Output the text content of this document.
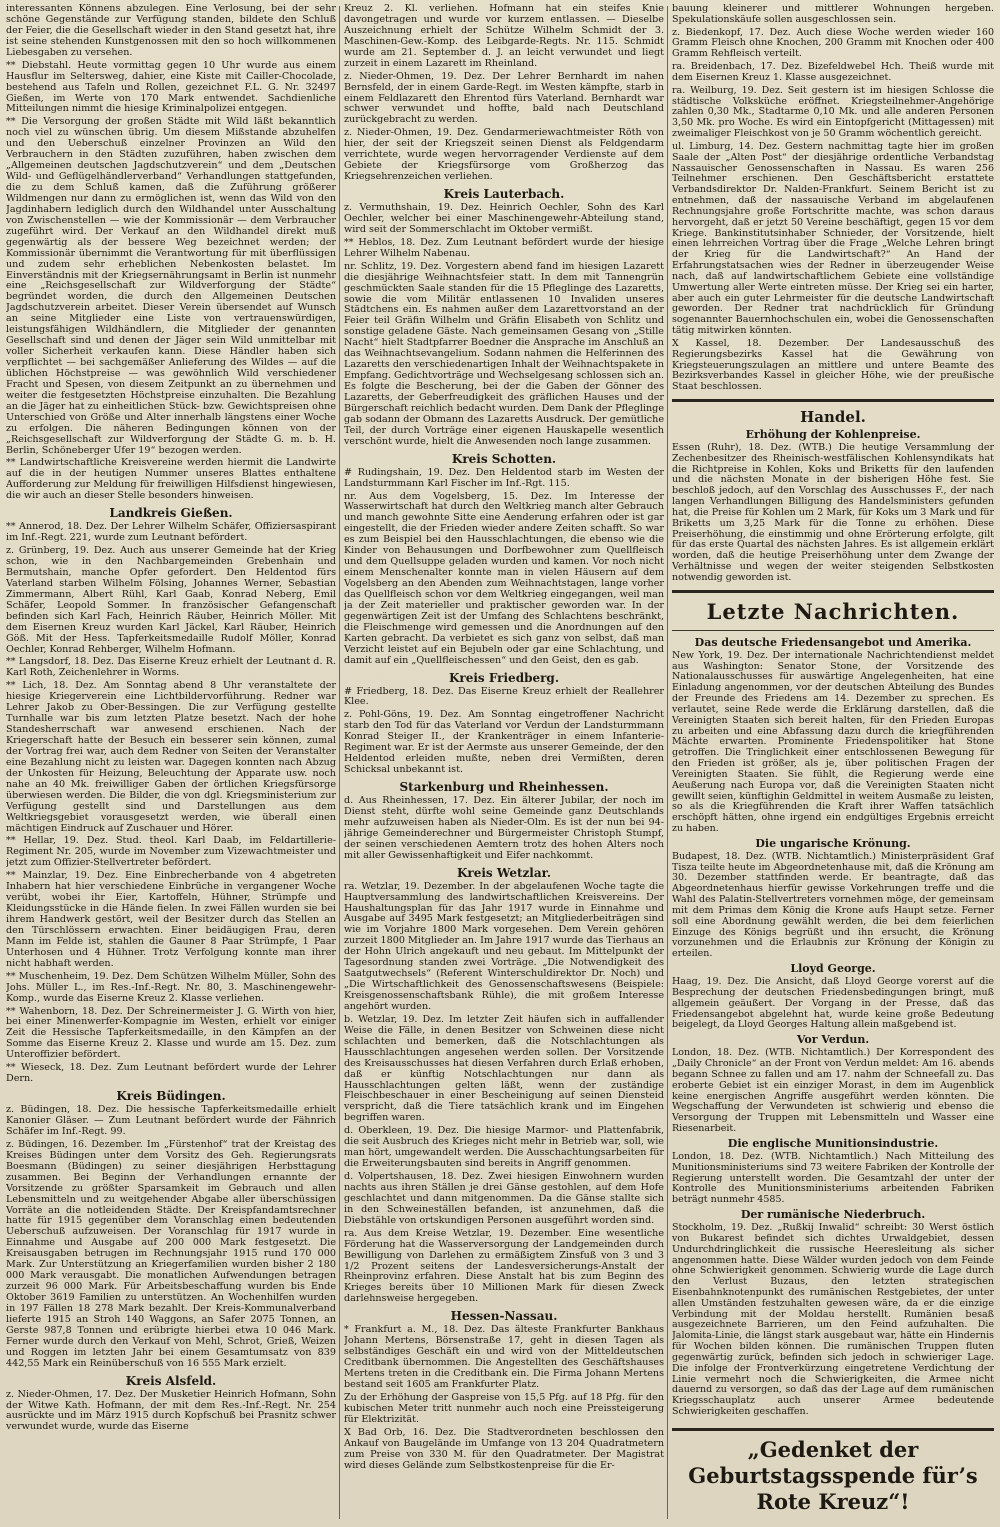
interessanten Könnens abzulegen. Eine Verlosung, bei der sehr schöne Gegenstände zur Verfügung standen, bildete den Schluß der Feier, die die Gesellschaft wieder in den Stand gesetzt hat, ihre ist seine stehenden Kunstgenossen mit den so hoch willkommenen Liebesgaben zu versehen.

** Diebstahl. Heute vormittag gegen 10 Uhr wurde aus einem Hausflur im Seltersweg, dahier, eine Kiste mit Cailler-Chocolade, bestehend aus Tafeln und Rollen, gezeichnet F.L. G. Nr. 32497 Gießen, im Werte von 170 Mark entwendet. Sachdienliche Mitteilungen nimmt die hiesige Kriminalpolizei entgegen.

** Die Versorgung der großen Städte mit Wild läßt bekanntlich noch viel zu wünschen übrig. Um diesem Mißstande abzuhelfen und den Ueberschuß einzelner Provinzen an Wild den Verbrauchern in den Städten zuzuführen, haben zwischen dem „Allgemeinen deutschen Jagdschutzverein“ und dem „Deutschen Wild- und Geflügelhändlerverband“ Verhandlungen stattgefunden, die zu dem Schluß kamen, daß die Zuführung größerer Wildmengen nur dann zu ermöglichen ist, wenn das Wild von den Jagdinhabern lediglich durch den Wildhandel unter Ausschaltung von Zwischenstellen — wie der Kommissionär — dem Verbraucher zugeführt wird. Der Verkauf an den Wildhandel direkt muß gegenwärtig als der bessere Weg bezeichnet werden; der Kommissionär übernimmt die Verantwortung für mit überflüssigen und zudem sehr erheblichen Nebenkosten belastet. Im Einverständnis mit der Kriegsernährungsamt in Berlin ist nunmehr eine „Reichsgesellschaft zur Wildverforgung der Städte“ begründet worden, die durch den Allgemeinen Deutschen Jagdschutzverein arbeitet. Dieser Verein übersendet auf Wunsch an seine Mitglieder eine Liste von vertrauenswürdigen, leistungsfähigen Wildhändlern, die Mitglieder der genannten Gesellschaft sind und denen der Jäger sein Wild unmittelbar mit voller Sicherheit verkaufen kann. Diese Händler haben sich verpflichtet — bei sachgemäßer Anlieferung des Wildes — auf die üblichen Höchstpreise — was gewöhnlich Wild verschiedener Fracht und Spesen, von diesem Zeitpunkt an zu übernehmen und weiter die festgesetzten Höchstpreise einzuhalten. Die Bezahlung an die Jäger hat zu einheitlichen Stück- bzw. Gewichtspreisen ohne Unterschied von Größe und Alter innerhalb längstens einer Woche zu erfolgen. Die näheren Bedingungen können von der „Reichsgesellschaft zur Wildverforgung der Städte G. m. b. H. Berlin, Schöneberger Ufer 19“ bezogen werden.

** Landwirtschaftliche Kreisvereine werden hiermit die Landwirte auf die in der heutigen Nummer unseres Blattes enthaltene Aufforderung zur Meldung für freiwilligen Hilfsdienst hingewiesen, die wir auch an dieser Stelle besonders hinweisen.

Landkreis Gießen.

** Annerod, 18. Dez. Der Lehrer Wilhelm Schäfer, Offiziersaspirant im Inf.-Regt. 221, wurde zum Leutnant befördert.

z. Grünberg, 19. Dez. Auch aus unserer Gemeinde hat der Krieg schon, wie in den Nachbargemeinden Grebenhain und Bermutshain, manche Opfer gefordert. Den Heldentod fürs Vaterland starben Wilhelm Fölsing, Johannes Werner, Sebastian Zimmermann, Albert Rühl, Karl Gaab, Konrad Neberg, Emil Schäfer, Leopold Sommer. In französischer Gefangenschaft befinden sich Karl Fach, Heinrich Räuber, Heinrich Möller. Mit dem Eisernen Kreuz wurden Karl Jäckel, Karl Räuber, Heinrich Göß. Mit der Hess. Tapferkeitsmedaille Rudolf Möller, Konrad Oechler, Konrad Rehberger, Wilhelm Hofmann.

** Langsdorf, 18. Dez. Das Eiserne Kreuz erhielt der Leutnant d. R. Karl Roth, Zeichenlehrer in Worms.

** Lich, 18. Dez. Am Sonntag abend 8 Uhr veranstaltete der hiesige Kriegerverein eine Lichtbildervorführung. Redner war Lehrer Jakob zu Ober-Bessingen. Die zur Verfügung gestellte Turnhalle war bis zum letzten Platze besetzt. Nach der hohe Standesherrschaft war anwesend erschienen. Nach der Kriegerschaft hatte der Besuch ein besserer sein können, zumal der Vortrag frei war, auch dem Redner von Seiten der Veranstalter eine Bezahlung nicht zu leisten war. Dagegen konnten nach Abzug der Unkosten für Heizung, Beleuchtung der Apparate usw. noch nahe an 40 Mk. freiwilliger Gaben der örtlichen Kriegsfürsorge überwiesen werden. Die Bilder, die von dgl. Kriegsministerium zur Verfügung gestellt sind und Darstellungen aus dem Weltkriegsgebiet vorausgesetzt werden, wie überall einen mächtigen Eindruck auf Zuschauer und Hörer.

** Hellar, 19. Dez. Stud. theol. Karl Daab, im Feldartillerie-Regiment Nr. 205, wurde im November zum Vizewachtmeister und jetzt zum Offizier-Stellvertreter befördert.

** Mainzlar, 19. Dez. Eine Einbrecherbande von 4 abgetreten Inhabern hat hier verschiedene Einbrüche in vergangener Woche verübt, wobei ihr Eier, Kartoffeln, Hühner, Strümpfe und Kleidungsstücke in die Hände fielen. In zwei Fällen wurden sie bei ihrem Handwerk gestört, weil der Besitzer durch das Stellen an den Türschlössern erwachten. Einer beidäugigen Frau, deren Mann im Felde ist, stahlen die Gauner 8 Paar Strümpfe, 1 Paar Unterhosen und 4 Hühner. Trotz Verfolgung konnte man ihrer nicht habhaft werden.

** Muschenheim, 19. Dez. Dem Schützen Wilhelm Müller, Sohn des Johs. Müller L., im Res.-Inf.-Regt. Nr. 80, 3. Maschinengewehr-Komp., wurde das Eiserne Kreuz 2. Klasse verliehen.

** Wahenborn, 18. Dez. Der Schreinermeister J. G. Wirth von hier, bei einer Minenwerfer-Kompagnie im Westen, erhielt vor einiger Zeit die Hessische Tapferkeitsmedaille, in den Kämpfen an der Somme das Eiserne Kreuz 2. Klasse und wurde am 15. Dez. zum Unteroffizier befördert.

** Wieseck, 18. Dez. Zum Leutnant befördert wurde der Lehrer Dern.

Kreis Büdingen.

z. Büdingen, 18. Dez. Die hessische Tapferkeitsmedaille erhielt Kanonier Gläser. — Zum Leutnant befördert wurde der Fähnrich Schäfer im Inf.-Regt. 99.

z. Büdingen, 16. Dezember. Im „Fürstenhof“ trat der Kreistag des Kreises Büdingen unter dem Vorsitz des Geh. Regierungsrats Boesmann (Büdingen) zu seiner diesjährigen Herbsttagung zusammen. Bei Beginn der Verhandlungen ernannte der Vorsitzende zu größter Sparsamkeit im Gebrauch und allen Lebensmitteln und zu weitgehender Abgabe aller überschüssigen Vorräte an die notleidenden Städte. Der Kreispfandamtsrechner hatte für 1915 gegenüber dem Voranschlag einen bedeutenden Ueberschuß aufzuweisen. Der Voranschlag für 1917 wurde in Einnahme und Ausgabe auf 200 000 Mark festgesetzt. Die Kreisausgaben betrugen im Rechnungsjahr 1915 rund 170 000 Mark. Zur Unterstützung an Kriegerfamilien wurden bisher 2 180 000 Mark verausgabt. Die monatlichen Aufwendungen betragen zurzeit 96 000 Mark. Für Arbeitsbeschaffung wurden bis Ende Oktober 3619 Familien zu unterstützen. An Wochenhilfen wurden in 197 Fällen 18 278 Mark bezahlt. Der Kreis-Kommunalverband lieferte 1915 an Stroh 140 Waggons, an Safer 2075 Tonnen, an Gerste 987,8 Tonnen und erübrigte hierbei etwa 10 046 Mark. Ferner wurde durch den Verkauf von Mehl, Schrot, Grieß, Weizen und Roggen im letzten Jahr bei einem Gesamtumsatz von 839 442,55 Mark ein Reinüberschuß von 16 555 Mark erzielt.

Kreis Alsfeld.

z. Nieder-Ohmen, 17. Dez. Der Musketier Heinrich Hofmann, Sohn der Witwe Kath. Hofmann, der mit dem Res.-Inf.-Regt. Nr. 254 ausrückte und im März 1915 durch Kopfschuß bei Prasnitz schwer verwundet wurde, wurde das Eiserne

Kreuz 2. Kl. verliehen. Hofmann hat ein steifes Knie davongetragen und wurde vor kurzem entlassen. — Dieselbe Auszeichnung erhielt der Schütze Wilhelm Schmidt der 3. Maschinen-Gew.-Komp. des Leibgarde-Regts. Nr. 115. Schmidt wurde am 21. September d. J. an leicht verwundet und liegt zurzeit in einem Lazarett im Rheinland.

z. Nieder-Ohmen, 19. Dez. Der Lehrer Bernhardt im nahen Bernsfeld, der in einem Garde-Regt. im Westen kämpfte, starb in einem Feldlazarett den Ehrentod fürs Vaterland. Bernhardt war schwer verwundet und hoffte, bald nach Deutschland zurückgebracht zu werden.

z. Nieder-Ohmen, 19. Dez. Gendarmeriewachtmeister Röth von hier, der seit der Kriegszeit seinen Dienst als Feldgendarm verrichtete, wurde wegen hervorragender Verdienste auf dem Gebiete der Kriegsfürsorge vom Großherzog das Kriegsehrenzeichen verliehen.

Kreis Lauterbach.

z. Vermuthshain, 19. Dez. Heinrich Oechler, Sohn des Karl Oechler, welcher bei einer Maschinengewehr-Abteilung stand, wird seit der Sommerschlacht im Oktober vermißt.

** Heblos, 18. Dez. Zum Leutnant befördert wurde der hiesige Lehrer Wilhelm Nabenau.

nr. Schlitz, 19. Dez. Vorgestern abend fand im hiesigen Lazarett die diesjährige Weihnachtsfeier statt. In dem mit Tannengrün geschmückten Saale standen für die 15 Pfleglinge des Lazaretts, sowie die vom Militär entlassenen 10 Invaliden unseres Städtchens ein. Es nahmen außer dem Lazarettvorstand an der Feier teil Gräfin Wilhelm und Gräfin Elisabeth von Schlitz und sonstige geladene Gäste. Nach gemeinsamen Gesang von „Stille Nacht“ hielt Stadtpfarrer Boedner die Ansprache im Anschluß an das Weihnachtsevangelium. Sodann nahmen die Helferinnen des Lazaretts den verschiedenartigen Inhalt der Weihnachtspakete in Empfang. Gedichtvorträge und Wechselgesang schlossen sich an. Es folgte die Bescherung, bei der die Gaben der Gönner des Lazaretts, der Geberfreudigkeit des gräflichen Hauses und der Bürgerschaft reichlich bedacht wurden. Dem Dank der Pfleglinge gab sodann der Obmann des Lazaretts Ausdruck. Der gemütliche Teil, der durch Vorträge einer eigenen Hauskapelle wesentlich verschönt wurde, hielt die Anwesenden noch lange zusammen.

Kreis Schotten.

# Rudingshain, 19. Dez. Den Heldentod starb im Westen der Landsturmmann Karl Fischer im Inf.-Rgt. 115.

nr. Aus dem Vogelsberg, 15. Dez. Im Interesse der Wasserwirtschaft hat durch den Weltkrieg manch alter Gebrauch und manch gewohnte Sitte eine Aenderung erfahren oder ist gar eingestellt, die der Frieden wieder andere Zeiten schafft. So war es zum Beispiel bei den Hausschlachtungen, die ebenso wie die Kinder von Behausungen und Dorfbewohner zum Quellfleisch und dem Quellsuppe geladen wurden und kamen. Vor noch nicht einem Menschenalter konnte man in vielen Häusern auf dem Vogelsberg an den Abenden zum Weihnachtstagen, lange vorher das Quellfleisch schon vor dem Weltkrieg eingegangen, weil man ja der Zeit materieller und praktischer geworden war. In der gegenwärtigen Zeit ist der Umfang des Schlachtens beschränkt, die Fleischmenge wird gemessen und die Anordnungen auf den Karten gebracht. Da verbietet es sich ganz von selbst, daß man Verzicht leistet auf ein Bejubeln oder gar eine Schlachtung, und damit auf ein „Quellfleischessen“ und den Geist, den es gab.

Kreis Friedberg.

# Friedberg, 18. Dez. Das Eiserne Kreuz erhielt der Reallehrer Klee.

z. Pohl-Göns, 19. Dez. Am Sonntag eingetroffener Nachricht starb den Tod für das Vaterland vor Verdun der Landsturmmann Konrad Steiger II., der Krankenträger in einem Infanterie-Regiment war. Er ist der Aermste aus unserer Gemeinde, der den Heldentod erleiden mußte, neben drei Vermißten, deren Schicksal unbekannt ist.

Starkenburg und Rheinhessen.

d. Aus Rheinhessen, 17. Dez. Ein älterer Jubilar, der noch im Dienst steht, dürfte wohl seine Gemeinde ganz Deutschlands mehr aufzuweisen haben als Nieder-Olm. Es ist der nun bei 94-jährige Gemeinderechner und Bürgermeister Christoph Stumpf, der seinen verschiedenen Aemtern trotz des hohen Alters noch mit aller Gewissenhaftigkeit und Eifer nachkommt.

Kreis Wetzlar.

ra. Wetzlar, 19. Dezember. In der abgelaufenen Woche tagte die Hauptversammlung des landwirtschaftlichen Kreisvereins. Der Haushaltungsplan für das Jahr 1917 wurde in Einnahme und Ausgabe auf 3495 Mark festgesetzt; an Mitgliederbeiträgen sind wie im Vorjahre 1800 Mark vorgesehen. Dem Verein gehören zurzeit 1800 Mitglieder an. Im Jahre 1917 wurde das Tierhaus an der Hohn Ulrich angekauft und neu gebaut. Im Mittelpunkt der Tagesordnung standen zwei Vorträge. „Die Notwendigkeit des Saatgutwechsels“ (Referent Winterschuldirektor Dr. Noch) und „Die Wirtschaftlichkeit des Genossenschaftswesens (Beispiele: Kreisgenossenschaftsbank Rühle), die mit großem Interesse angehört wurden.

b. Wetzlar, 19. Dez. Im letzter Zeit häufen sich in auffallender Weise die Fälle, in denen Besitzer von Schweinen diese nicht schlachten und bemerken, daß die Notschlachtungen als Hausschlachtungen angesehen werden sollen. Der Vorsitzende des Kreisausschusses hat diesen Verfahren durch Erlaß erhoben, daß er künftig Notschlachtungen nur dann als Hausschlachtungen gelten läßt, wenn der zuständige Fleischbeschauer in einer Bescheinigung auf seinen Diensteid verspricht, daß die Tiere tatsächlich krank und im Eingehen begriffen waren.

d. Oberkleen, 19. Dez. Die hiesige Marmor- und Plattenfabrik, die seit Ausbruch des Krieges nicht mehr in Betrieb war, soll, wie man hört, umgewandelt werden. Die Ausschachtungsarbeiten für die Erweiterungsbauten sind bereits in Angriff genommen.

d. Volpertshausen, 18. Dez. Zwei hiesigen Einwohnern wurden nachts aus ihren Ställen je drei Gänse gestohlen, auf dem Hofe geschlachtet und dann mitgenommen. Da die Gänse stallte sich in den Schweineställen befanden, ist anzunehmen, daß die Diebstähle von ortskundigen Personen ausgeführt worden sind.

ra. Aus dem Kreise Wetzlar, 19. Dezember. Eine wesentliche Förderung hat die Wasserversorgung der Landgemeinden durch Bewilligung von Darlehen zu ermäßigtem Zinsfuß von 3 und 3 1/2 Prozent seitens der Landesversicherungs-Anstalt der Rheinprovinz erfahren. Diese Anstalt hat bis zum Beginn des Krieges bereits über 10 Millionen Mark für diesen Zweck darlehnsweise hergegeben.

Hessen-Nassau.

* Frankfurt a. M., 18. Dez. Das älteste Frankfurter Bankhaus Johann Mertens, Börsenstraße 17, geht in diesen Tagen als selbständiges Geschäft ein und wird von der Mitteldeutschen Creditbank übernommen. Die Angestellten des Geschäftshauses Mertens treten in die Creditbank ein. Die Firma Johann Mertens bestand seit 1605 am Frankfurter Platz.

Zu der Erhöhung der Gaspreise von 15,5 Pfg. auf 18 Pfg. für den kubischen Meter tritt nunmehr auch noch eine Preissteigerung für Elektrizität.

X Bad Orb, 16. Dez. Die Stadtverordneten beschlossen den Ankauf von Baugelände im Umfange von 13 204 Quadratmetern zum Preise von 330 M. für den Quadratmeter. Der Magistrat wird dieses Gelände zum Selbstkostenpreise für die Er-

bauung kleinerer und mittlerer Wohnungen hergeben. Spekulationskäufe sollen ausgeschlossen sein.

z. Biedenkopf, 17. Dez. Auch diese Woche werden wieder 160 Gramm Fleisch ohne Knochen, 200 Gramm mit Knochen oder 400 Gramm Rehfleisch verteilt.

ra. Breidenbach, 17. Dez. Bizefeldwebel Hch. Theiß wurde mit dem Eisernen Kreuz 1. Klasse ausgezeichnet.

ra. Weilburg, 19. Dez. Seit gestern ist im hiesigen Schlosse die städtische Volksküche eröffnet. Kriegsteilnehmer-Angehörige zahlen 0,30 Mk., Stadtarme 0,10 Mk. und alle anderen Personen 3,50 Mk. pro Woche. Es wird ein Eintopfgericht (Mittagessen) mit zweimaliger Fleischkost von je 50 Gramm wöchentlich gereicht.

ul. Limburg, 14. Dez. Gestern nachmittag tagte hier im großen Saale der „Alten Post“ der diesjährige ordentliche Verbandstag Nassauischer Genossenschaften in Nassau. Es waren 256 Teilnehmer erschienen. Den Geschäftsbericht erstattete Verbandsdirektor Dr. Nalden-Frankfurt. Seinem Bericht ist zu entnehmen, daß der nassauische Verband im abgelaufenen Rechnungsjahre große Fortschritte machte, was schon daraus hervorgeht, daß er jetzt 50 Vereine beschäftigt, gegen 15 vor dem Kriege. Bankinstitutsinhaber Schnieder, der Vorsitzende, hielt einen lehrreichen Vortrag über die Frage „Welche Lehren bringt der Krieg für die Landwirtschaft?“ An Hand der Erfahrungstatsachen wies der Redner in überzeugender Weise nach, daß auf landwirtschaftlichem Gebiete eine vollständige Umwertung aller Werte eintreten müsse. Der Krieg sei ein harter, aber auch ein guter Lehrmeister für die deutsche Landwirtschaft geworden. Der Redner trat nachdrücklich für Gründung sogenannter Bauernhochschulen ein, wobei die Genossenschaften tätig mitwirken könnten.

X Kassel, 18. Dezember. Der Landesausschuß des Regierungsbezirks Kassel hat die Gewährung von Kriegsteuerungszulagen an mittlere und untere Beamte des Bezirksverbandes Kassel in gleicher Höhe, wie der preußische Staat beschlossen.

Handel.
Erhöhung der Kohlenpreise.

Essen (Ruhr), 18. Dez. (WTB.) Die heutige Versammlung der Zechenbesitzer des Rheinisch-westfälischen Kohlensyndikats hat die Richtpreise in Kohlen, Koks und Briketts für den laufenden und die nächsten Monate in der bisherigen Höhe fest. Sie beschloß jedoch, auf den Vorschlag des Ausschusses F., der nach langen Verhandlungen Billigung des Handelsministers gefunden hat, die Preise für Kohlen um 2 Mark, für Koks um 3 Mark und für Briketts um 3,25 Mark für die Tonne zu erhöhen. Diese Preiserhöhung, die einstimmig und ohne Erörterung erfolgte, gilt für das erste Quartal des nächsten Jahres. Es ist allgemein erklärt worden, daß die heutige Preiserhöhung unter dem Zwange der Verhältnisse und wegen der weiter steigenden Selbstkosten notwendig geworden ist.

Letzte Nachrichten.
Das deutsche Friedensangebot und Amerika.

New York, 19. Dez. Der internationale Nachrichtendienst meldet aus Washington: Senator Stone, der Vorsitzende des Nationalausschusses für auswärtige Angelegenheiten, hat eine Einladung angenommen, vor der deutschen Abteilung des Bundes der Freunde des Friedens am 14. Dezember zu sprechen. Es verlautet, seine Rede werde die Erklärung darstellen, daß die Vereinigten Staaten sich bereit halten, für den Frieden Europas zu arbeiten und eine Abfassung dazu durch die kriegführenden Mächte erwarten. Prominente Friedenspolitiker hat Stone getroffen. Die Tringlichkeit einer entschlossenen Bewegung für den Frieden ist größer, als je, über politischen Fragen der Vereinigten Staaten. Sie fühlt, die Regierung werde eine Aeußerung nach Europa vor, daß die Vereinigten Staaten nicht gewillt seien, künftighin Geldmittel in weitem Ausmaße zu leisten, so als die Kriegführenden die Kraft ihrer Waffen tatsächlich erschöpft hätten, ohne irgend ein endgültiges Ergebnis erreicht zu haben.

Die ungarische Krönung.

Budapest, 18. Dez. (WTB. Nichtamtlich.) Ministerpräsident Graf Tisza teilte heute im Abgeordnetenhause mit, daß die Krönung am 30. Dezember stattfinden werde. Er beantragte, daß das Abgeordnetenhaus hierfür gewisse Vorkehrungen treffe und die Wahl des Palatin-Stellvertreters vornehmen möge, der gemeinsam mit dem Primas dem König die Krone aufs Haupt setze. Ferner soll eine Abordnung gewählt werden, die bei dem feierlichen Einzuge des Königs begrüßt und ihn ersucht, die Krönung vorzunehmen und die Erlaubnis zur Krönung der Königin zu erteilen.

Lloyd George.

Haag, 19. Dez. Die Ansicht, daß Lloyd George vorerst auf die Besprechung der deutschen Friedensbedingungen bringt, muß allgemein geäußert. Der Vorgang in der Presse, daß das Friedensangebot abgelehnt hat, wurde keine große Bedeutung beigelegt, da Lloyd Georges Haltung allein maßgebend ist.

Vor Verdun.

London, 18. Dez. (WTB. Nichtamtlich.) Der Korrespondent des „Daily Chronicle“ an der Front von Verdun meldet: Am 16. abends begann Schnee zu fallen und am 17. nahm der Schneefall zu. Das eroberte Gebiet ist ein einziger Morast, in dem im Augenblick keine energischen Angriffe ausgeführt werden könnten. Die Wegschaffung der Verwundeten ist schwierig und ebenso die Versorgung der Truppen mit Lebensmitteln und Wasser eine Riesenarbeit.

Die englische Munitionsindustrie.

London, 18. Dez. (WTB. Nichtamtlich.) Nach Mitteilung des Munitionsministeriums sind 73 weitere Fabriken der Kontrolle der Regierung unterstellt worden. Die Gesamtzahl der unter der Kontrolle des Munitionsministeriums arbeitenden Fabriken beträgt nunmehr 4585.

Der rumänische Niederbruch.

Stockholm, 19. Dez. „Rußkij Inwalid“ schreibt: 30 Werst östlich von Bukarest befindet sich dichtes Urwaldgebiet, dessen Undurchdringlichkeit die russische Heeresleitung als sicher angenommen hatte. Diese Wälder wurden jedoch von dem Feinde ohne Schwierigkeit genommen. Schwierig wurde die Lage durch den Verlust Buzaus, den letzten strategischen Eisenbahnknotenpunkt des rumänischen Restgebietes, der unter allen Umständen festzuhalten gewesen wäre, da er die einzige Verbindung mit der Moldau herstellt. Rumänien besaß ausgezeichnete Barrieren, um den Feind aufzuhalten. Die Jalomita-Linie, die längst stark ausgebaut war, hätte ein Hindernis für Wochen bilden können. Die rumänischen Truppen fluten gegenwärtig zurück, befinden sich jedoch in schwieriger Lage. Die infolge der Frontverkürzung eingetretene Verdichtung der Linie vermehrt noch die Schwierigkeiten, die Armee nicht dauernd zu versorgen, so daß das der Lage auf dem rumänischen Kriegsschauplatz auch unserer Armee bedeutende Schwierigkeiten geschaffen.

„Gedenket der Geburtstagsspende für’s Rote Kreuz“!
